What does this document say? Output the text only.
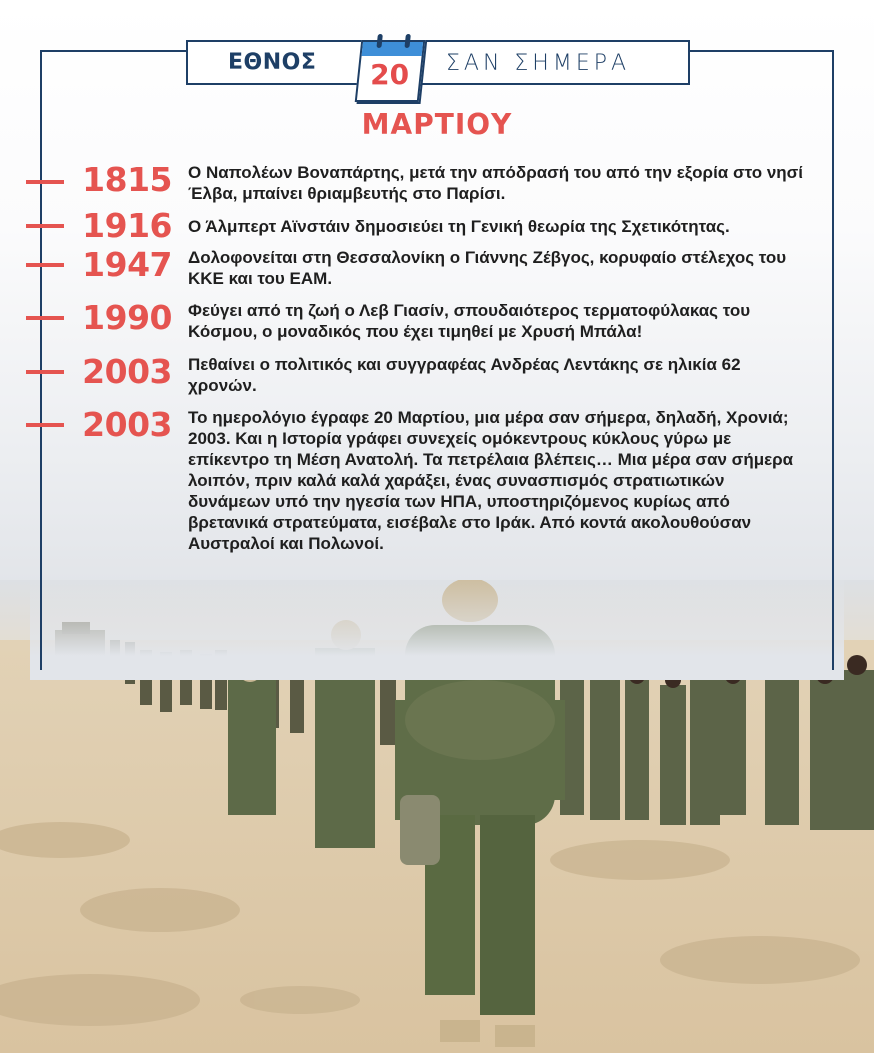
ΕΘΝΟΣ	ΣΑΝ ΣΗΜΕΡΑ
20
ΜΑΡΤΙΟΥ
1815 Ο Ναπολέων Βοναπάρτης, μετά την απόδρασή του από την εξορία στο νησί Έλβα, μπαίνει θριαμβευτής στο Παρίσι.
1916 Ο Άλμπερτ Αϊνστάιν δημοσιεύει τη Γενική θεωρία της Σχετικότητας.
1947 Δολοφονείται στη Θεσσαλονίκη ο Γιάννης Ζέβγος, κορυφαίο στέλεχος του ΚΚΕ και του ΕΑΜ.
1990 Φεύγει από τη ζωή ο Λεβ Γιασίν, σπουδαιότερος τερματοφύλακας του Κόσμου, ο μοναδικός που έχει τιμηθεί με Χρυσή Μπάλα!
2003 Πεθαίνει ο πολιτικός και συγγραφέας Ανδρέας Λεντάκης σε ηλικία 62 χρονών.
2003 Το ημερολόγιο έγραφε 20 Μαρτίου, μια μέρα σαν σήμερα, δηλαδή, Χρονιά; 2003. Και η Ιστορία γράφει συνεχείς ομόκεντρους κύκλους γύρω με επίκεντρο τη Μέση Ανατολή. Τα πετρέλαια βλέπεις… Μια μέρα σαν σήμερα λοιπόν, πριν καλά καλά χαράξει, ένας συνασπισμός στρατιωτικών δυνάμεων υπό την ηγεσία των ΗΠΑ, υποστηριζόμενος κυρίως από βρετανικά στρατεύματα, εισέβαλε στο Ιράκ. Από κοντά ακολουθούσαν Αυστραλοί και Πολωνοί.
